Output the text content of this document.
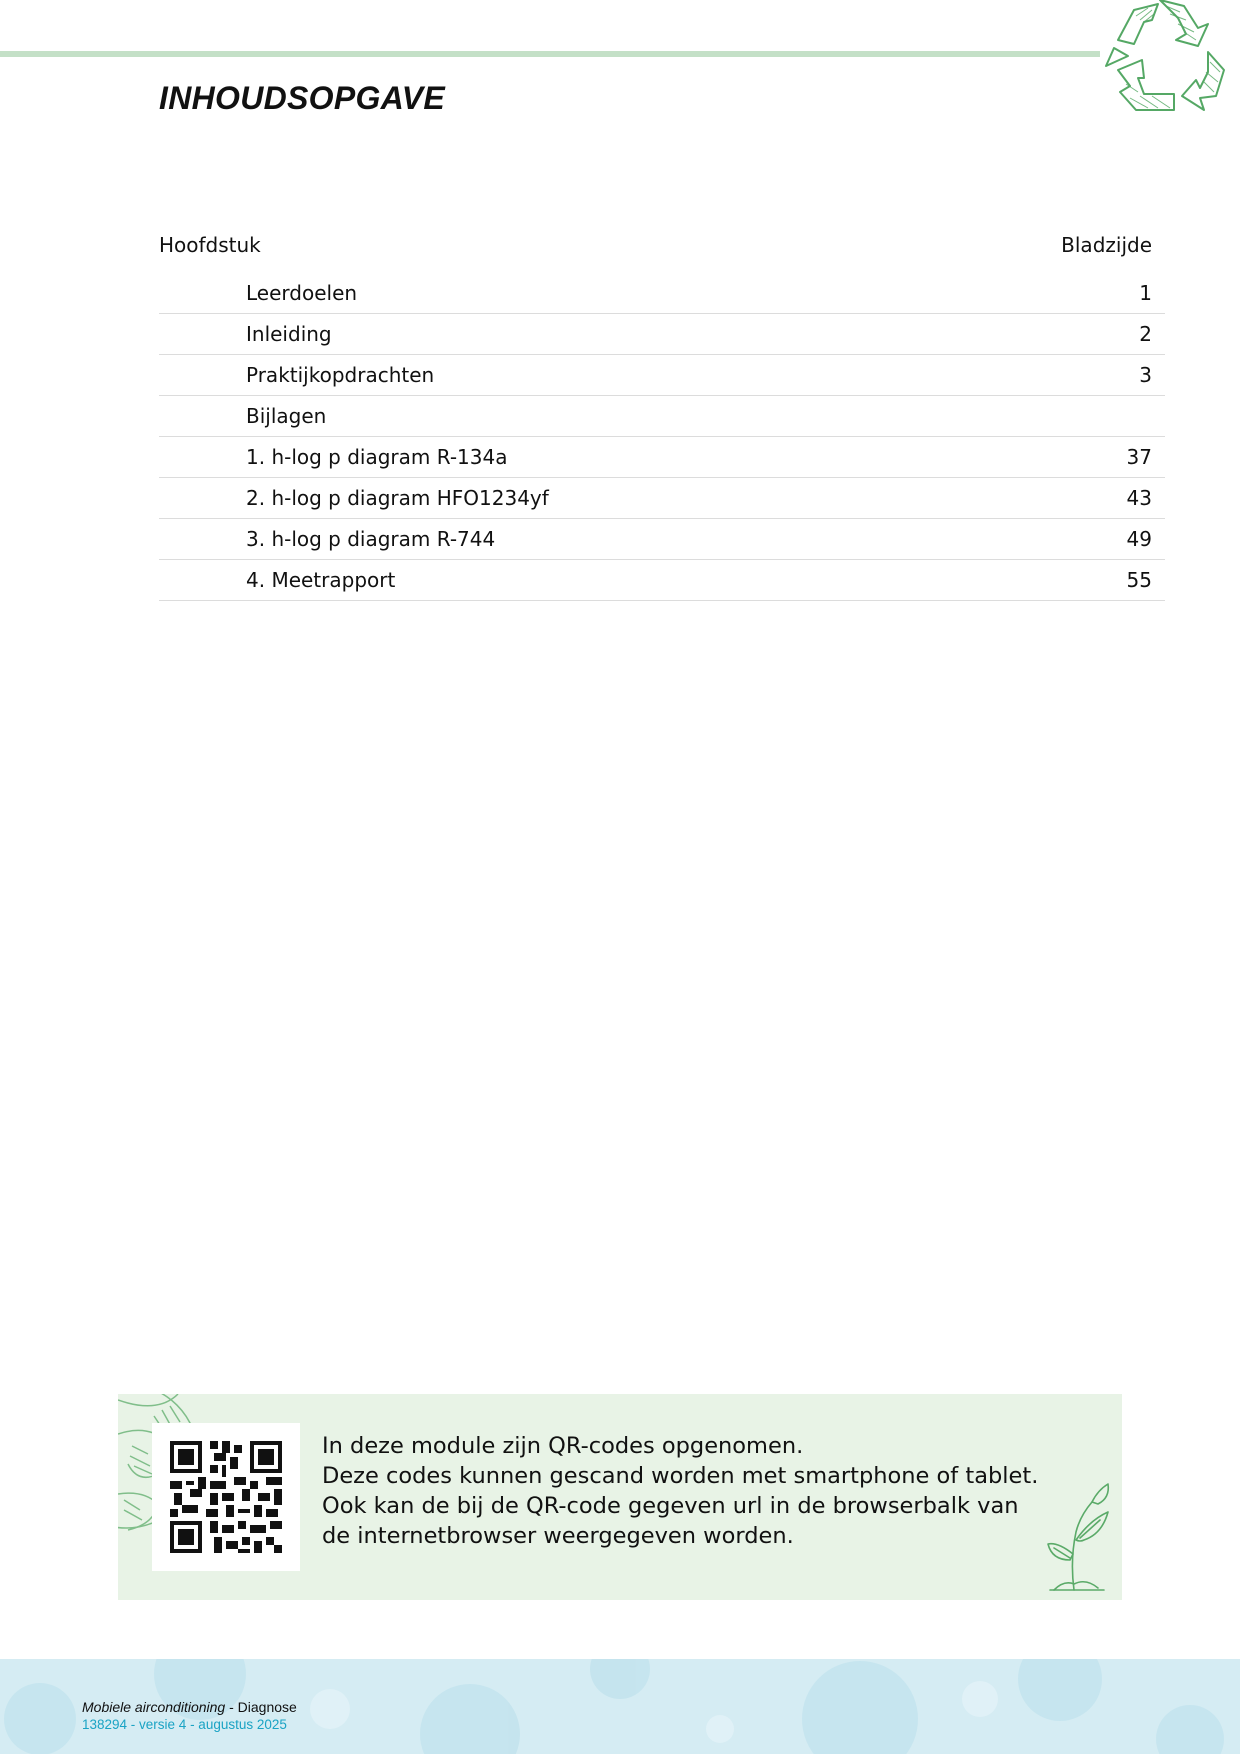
INHOUDSOPGAVE
Hoofdstuk	Bladzijde
Leerdoelen	1
Inleiding	2
Praktijkopdrachten	3
Bijlagen
1. h-log p diagram R-134a	37
2. h-log p diagram HFO1234yf	43
3. h-log p diagram R-744	49
4. Meetrapport	55
In deze module zijn QR-codes opgenomen.
Deze codes kunnen gescand worden met smartphone of tablet.
Ook kan de bij de QR-code gegeven url in de browserbalk van
de internetbrowser weergegeven worden.
Mobiele airconditioning - Diagnose
138294 - versie 4 - augustus 2025
